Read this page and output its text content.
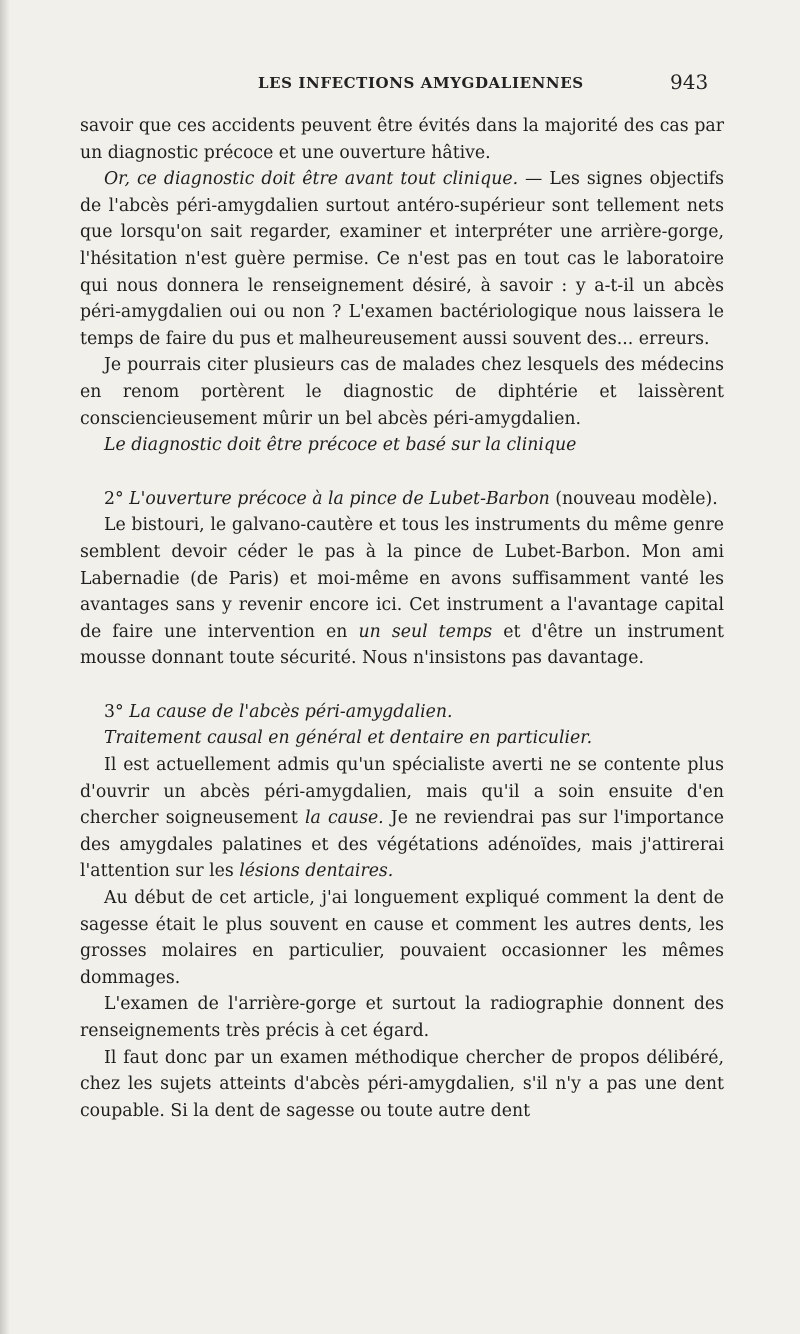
LES INFECTIONS AMYGDALIENNES	943

savoir que ces accidents peuvent être évités dans la majorité des cas par un diagnostic précoce et une ouverture hâtive.

Or, ce diagnostic doit être avant tout clinique. — Les signes objectifs de l'abcès péri-amygdalien surtout antéro-supérieur sont tellement nets que lorsqu'on sait regarder, examiner et interpréter une arrière-gorge, l'hésitation n'est guère permise. Ce n'est pas en tout cas le laboratoire qui nous donnera le renseignement désiré, à savoir : y a-t-il un abcès péri-amygdalien oui ou non ? L'examen bactériologique nous laissera le temps de faire du pus et malheureusement aussi souvent des... erreurs.

Je pourrais citer plusieurs cas de malades chez lesquels des médecins en renom portèrent le diagnostic de diphtérie et laissèrent consciencieusement mûrir un bel abcès péri-amygdalien.

Le diagnostic doit être précoce et basé sur la clinique

2° L'ouverture précoce à la pince de Lubet-Barbon (nouveau modèle).

Le bistouri, le galvano-cautère et tous les instruments du même genre semblent devoir céder le pas à la pince de Lubet-Barbon. Mon ami Labernadie (de Paris) et moi-même en avons suffisamment vanté les avantages sans y revenir encore ici. Cet instrument a l'avantage capital de faire une intervention en un seul temps et d'être un instrument mousse donnant toute sécurité. Nous n'insistons pas davantage.

3° La cause de l'abcès péri-amygdalien.

Traitement causal en général et dentaire en particulier.

Il est actuellement admis qu'un spécialiste averti ne se contente plus d'ouvrir un abcès péri-amygdalien, mais qu'il a soin ensuite d'en chercher soigneusement la cause. Je ne reviendrai pas sur l'importance des amygdales palatines et des végétations adénoïdes, mais j'attirerai l'attention sur les lésions dentaires.

Au début de cet article, j'ai longuement expliqué comment la dent de sagesse était le plus souvent en cause et comment les autres dents, les grosses molaires en particulier, pouvaient occasionner les mêmes dommages.

L'examen de l'arrière-gorge et surtout la radiographie donnent des renseignements très précis à cet égard.

Il faut donc par un examen méthodique chercher de propos délibéré, chez les sujets atteints d'abcès péri-amygdalien, s'il n'y a pas une dent coupable. Si la dent de sagesse ou toute autre dent
